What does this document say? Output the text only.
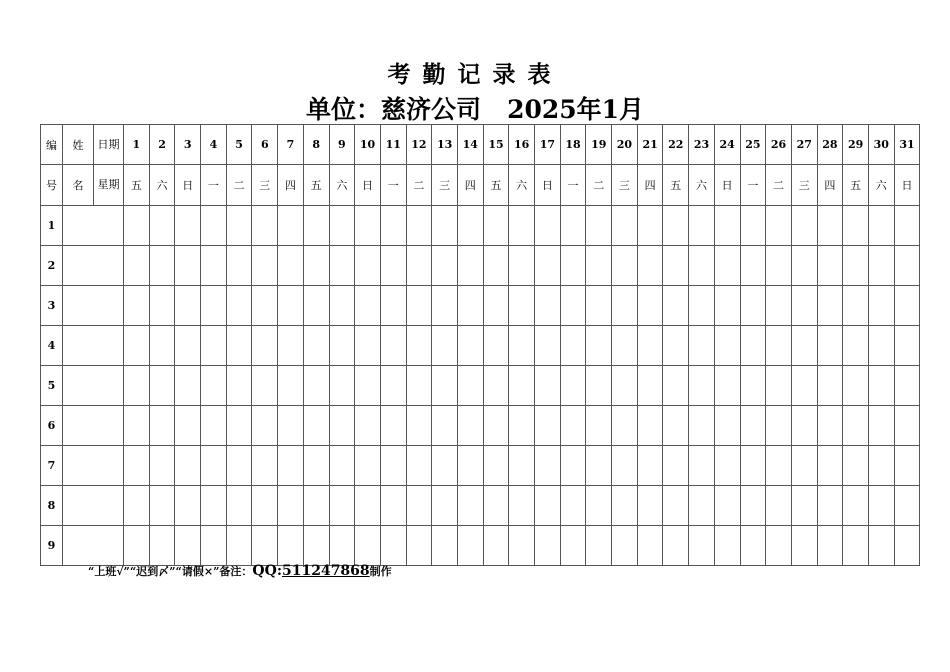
考勤记录表
单位：慈济公司 2025年1月
编	姓	日期	1	2	3	4	5	6	7	8	9	10	11	12	13	14	15	16	17	18	19	20	21	22	23	24	25	26	27	28	29	30	31
号	名	星期	五	六	日	一	二	三	四	五	六	日	一	二	三	四	五	六	日	一	二	三	四	五	六	日	一	二	三	四	五	六	日
1																																	
2																																	
3																																	
4																																	
5																																	
6																																	
7																																	
8																																	
9																																	
“上班√”“迟到〆”“请假×”备注：QQ:511247868制作
